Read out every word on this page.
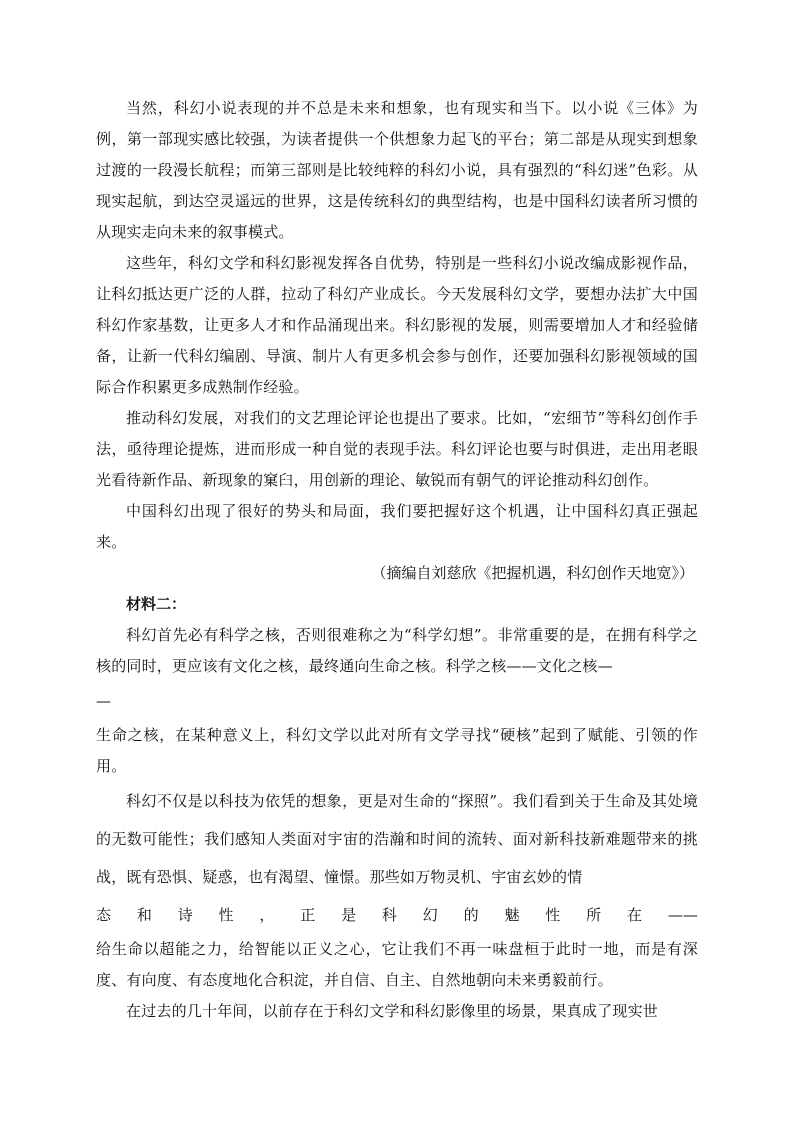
当然，科幻小说表现的并不总是未来和想象，也有现实和当下。以小说《三体》为例，第一部现实感比较强，为读者提供一个供想象力起飞的平台；第二部是从现实到想象过渡的一段漫长航程；而第三部则是比较纯粹的科幻小说，具有强烈的“科幻迷”色彩。从现实起航，到达空灵遥远的世界，这是传统科幻的典型结构，也是中国科幻读者所习惯的从现实走向未来的叙事模式。

这些年，科幻文学和科幻影视发挥各自优势，特别是一些科幻小说改编成影视作品，让科幻抵达更广泛的人群，拉动了科幻产业成长。今天发展科幻文学，要想办法扩大中国科幻作家基数，让更多人才和作品涌现出来。科幻影视的发展，则需要增加人才和经验储备，让新一代科幻编剧、导演、制片人有更多机会参与创作，还要加强科幻影视领域的国际合作积累更多成熟制作经验。

推动科幻发展，对我们的文艺理论评论也提出了要求。比如，“宏细节”等科幻创作手法，亟待理论提炼，进而形成一种自觉的表现手法。科幻评论也要与时俱进，走出用老眼光看待新作品、新现象的窠臼，用创新的理论、敏锐而有朝气的评论推动科幻创作。

中国科幻出现了很好的势头和局面，我们要把握好这个机遇，让中国科幻真正强起来。

（摘编自刘慈欣《把握机遇，科幻创作天地宽》）

材料二：

科幻首先必有科学之核，否则很难称之为“科学幻想”。非常重要的是，在拥有科学之核的同时，更应该有文化之核，最终通向生命之核。科学之核——文化之核—

—

生命之核，在某种意义上，科幻文学以此对所有文学寻找“硬核”起到了赋能、引领的作用。

科幻不仅是以科技为依凭的想象，更是对生命的“探照”。我们看到关于生命及其处境的无数可能性；我们感知人类面对宇宙的浩瀚和时间的流转、面对新科技新难题带来的挑战，既有恐惧、疑惑，也有渴望、憧憬。那些如万物灵机、宇宙玄妙的情

态 和 诗 性 ， 正 是 科 幻 的 魅 性 所 在 ——

给生命以超能之力，给智能以正义之心，它让我们不再一味盘桓于此时一地，而是有深度、有向度、有态度地化合积淀，并自信、自主、自然地朝向未来勇毅前行。

在过去的几十年间，以前存在于科幻文学和科幻影像里的场景，果真成了现实世
